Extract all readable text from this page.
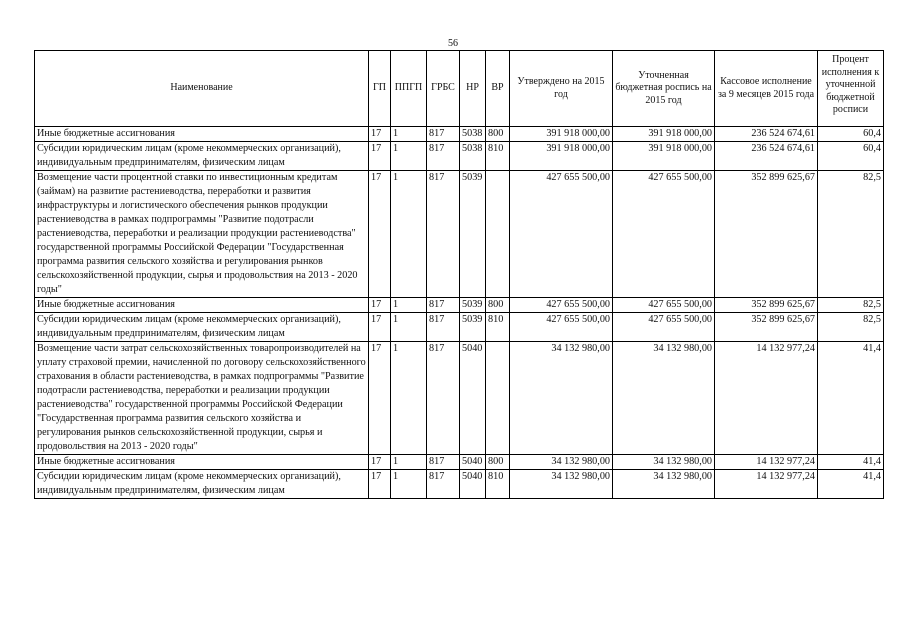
56
Наименование	ГП	ППГП	ГРБС	НР	ВР	Утверждено на 2015 год	Уточненная бюджетная роспись на 2015 год	Кассовое исполнение за 9 месяцев 2015 года	Процент исполнения к уточненной бюджетной росписи
Иные бюджетные ассигнования	17	1	817	5038	800	391 918 000,00	391 918 000,00	236 524 674,61	60,4
Субсидии юридическим лицам (кроме некоммерческих организаций), индивидуальным предпринимателям, физическим лицам	17	1	817	5038	810	391 918 000,00	391 918 000,00	236 524 674,61	60,4
Возмещение части процентной ставки по инвестиционным кредитам (займам) на развитие растениеводства, переработки и развития инфраструктуры и логистического обеспечения рынков продукции растениеводства в рамках подпрограммы "Развитие подотрасли растениеводства, переработки и реализации продукции растениеводства" государственной программы Российской Федерации "Государственная программа развития сельского хозяйства и регулирования рынков сельскохозяйственной продукции, сырья и продовольствия на 2013 - 2020 годы"	17	1	817	5039		427 655 500,00	427 655 500,00	352 899 625,67	82,5
Иные бюджетные ассигнования	17	1	817	5039	800	427 655 500,00	427 655 500,00	352 899 625,67	82,5
Субсидии юридическим лицам (кроме некоммерческих организаций), индивидуальным предпринимателям, физическим лицам	17	1	817	5039	810	427 655 500,00	427 655 500,00	352 899 625,67	82,5
Возмещение части затрат сельскохозяйственных товаропроизводителей на уплату страховой премии, начисленной по договору сельскохозяйственного страхования в области растениеводства, в рамках подпрограммы "Развитие подотрасли растениеводства, переработки и реализации продукции растениеводства" государственной программы Российской Федерации "Государственная программа развития сельского хозяйства и регулирования рынков сельскохозяйственной продукции, сырья и продовольствия на 2013 - 2020 годы"	17	1	817	5040		34 132 980,00	34 132 980,00	14 132 977,24	41,4
Иные бюджетные ассигнования	17	1	817	5040	800	34 132 980,00	34 132 980,00	14 132 977,24	41,4
Субсидии юридическим лицам (кроме некоммерческих организаций), индивидуальным предпринимателям, физическим лицам	17	1	817	5040	810	34 132 980,00	34 132 980,00	14 132 977,24	41,4
